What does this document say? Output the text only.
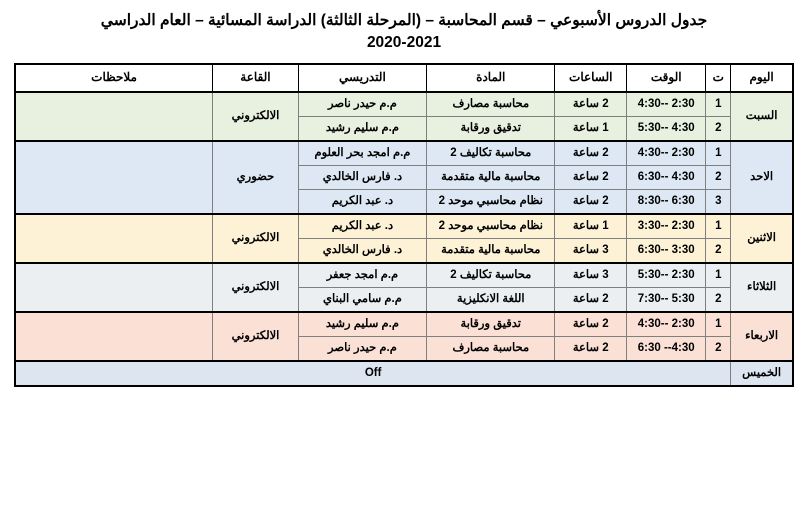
جدول الدروس الأسبوعي – قسم المحاسبة – (المرحلة الثالثة) الدراسة المسائية – العام الدراسي
2020-2021
اليوم	ت	الوقت	الساعات	المادة	التدريسي	القاعة	ملاحظات
السبت	1	2:30 --4:30	2 ساعة	محاسبة مصارف	م.م حيدر ناصر	الالكتروني	
	2	4:30 --5:30	1 ساعة	تدقيق ورقابة	م.م سليم رشيد		
الاحد	1	2:30 --4:30	2 ساعة	محاسبة تكاليف 2	م.م امجد بحر العلوم	حضوري	
	2	4:30 --6:30	2 ساعة	محاسبة مالية متقدمة	د. فارس الخالدي		
	3	6:30 --8:30	2 ساعة	نظام محاسبي موحد 2	د. عبد الكريم		
الاثنين	1	2:30 --3:30	1 ساعة	نظام محاسبي موحد 2	د. عبد الكريم	الالكتروني	
	2	3:30 --6:30	3 ساعة	محاسبة مالية متقدمة	د. فارس الخالدي		
الثلاثاء	1	2:30 --5:30	3 ساعة	محاسبة تكاليف 2	م.م امجد جعفر	الالكتروني	
	2	5:30 --7:30	2 ساعة	اللغة الانكليزية	م.م سامي البناي		
الاربعاء	1	2:30 --4:30	2 ساعة	تدقيق ورقابة	م.م سليم رشيد	الالكتروني	
	2	4:30-- 6:30	2 ساعة	محاسبة مصارف	م.م حيدر ناصر		
الخميس	Off						
